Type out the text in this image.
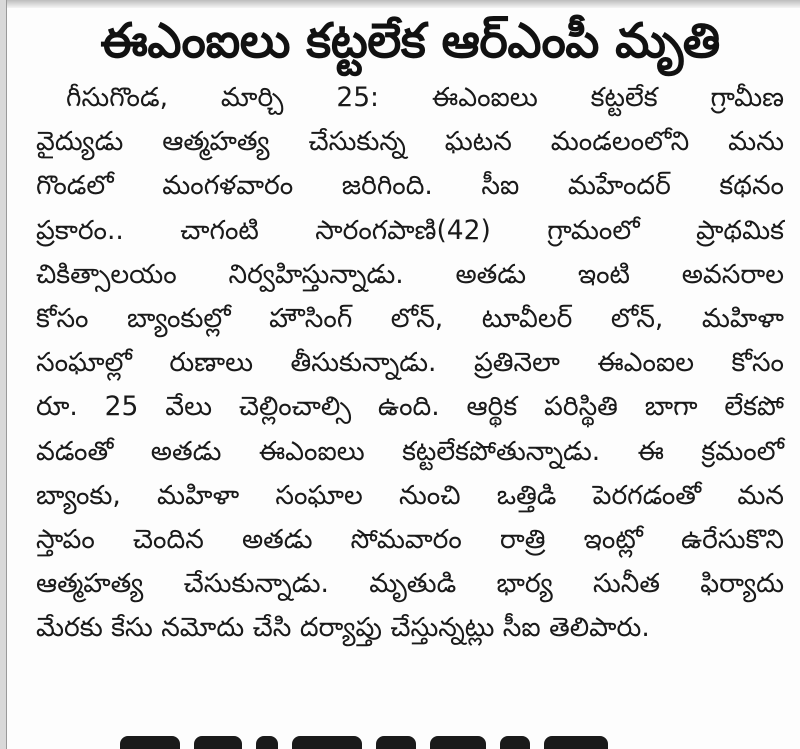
ఈఎంఐలు కట్టలేక ఆర్‌ఎంపీ మృతి
గీసుగొండ, మార్చి 25: ఈఎంఐలు కట్టలేక గ్రామీణ
వైద్యుడు ఆత్మహత్య చేసుకున్న ఘటన మండలంలోని మను
గొండలో మంగళవారం జరిగింది. సీఐ మహేందర్ కథనం
ప్రకారం.. చాగంటి సారంగపాణి(42) గ్రామంలో ప్రాథమిక
చికిత్సాలయం నిర్వహిస్తున్నాడు. అతడు ఇంటి అవసరాల
కోసం బ్యాంకుల్లో హౌసింగ్ లోన్, టూవీలర్ లోన్, మహిళా
సంఘాల్లో రుణాలు తీసుకున్నాడు. ప్రతినెలా ఈఎంఐల కోసం
రూ. 25 వేలు చెల్లించాల్సి ఉంది. ఆర్థిక పరిస్థితి బాగా లేకపో
వడంతో అతడు ఈఎంఐలు కట్టలేకపోతున్నాడు. ఈ క్రమంలో
బ్యాంకు, మహిళా సంఘాల నుంచి ఒత్తిడి పెరగడంతో మన
స్తాపం చెందిన అతడు సోమవారం రాత్రి ఇంట్లో ఉరేసుకొని
ఆత్మహత్య చేసుకున్నాడు. మృతుడి భార్య సునీత ఫిర్యాదు
మేరకు కేసు నమోదు చేసి దర్యాప్తు చేస్తున్నట్లు సీఐ తెలిపారు.
